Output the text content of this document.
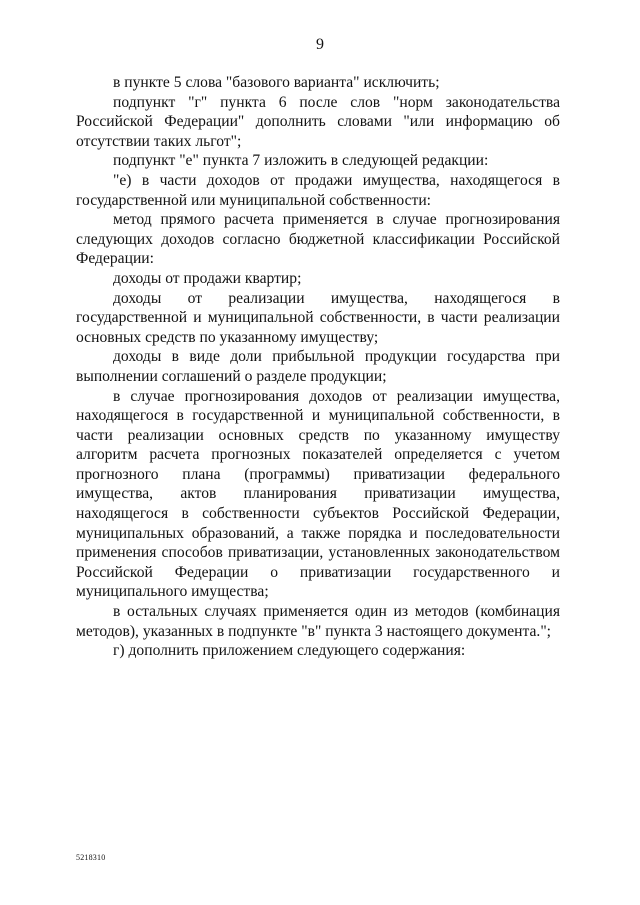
9

в пункте 5 слова "базового варианта" исключить;

подпункт "г" пункта 6 после слов "норм законодательства Российской Федерации" дополнить словами "или информацию об отсутствии таких льгот";

подпункт "е" пункта 7 изложить в следующей редакции:

"е) в части доходов от продажи имущества, находящегося в государственной или муниципальной собственности:

метод прямого расчета применяется в случае прогнозирования следующих доходов согласно бюджетной классификации Российской Федерации:

доходы от продажи квартир;

доходы от реализации имущества, находящегося в государственной и муниципальной собственности, в части реализации основных средств по указанному имуществу;

доходы в виде доли прибыльной продукции государства при выполнении соглашений о разделе продукции;

в случае прогнозирования доходов от реализации имущества, находящегося в государственной и муниципальной собственности, в части реализации основных средств по указанному имуществу алгоритм расчета прогнозных показателей определяется с учетом прогнозного плана (программы) приватизации федерального имущества, актов планирования приватизации имущества, находящегося в собственности субъектов Российской Федерации, муниципальных образований, а также порядка и последовательности применения способов приватизации, установленных законодательством Российской Федерации о приватизации государственного и муниципального имущества;

в остальных случаях применяется один из методов (комбинация методов), указанных в подпункте "в" пункта 3 настоящего документа.";

г) дополнить приложением следующего содержания:

5218310
